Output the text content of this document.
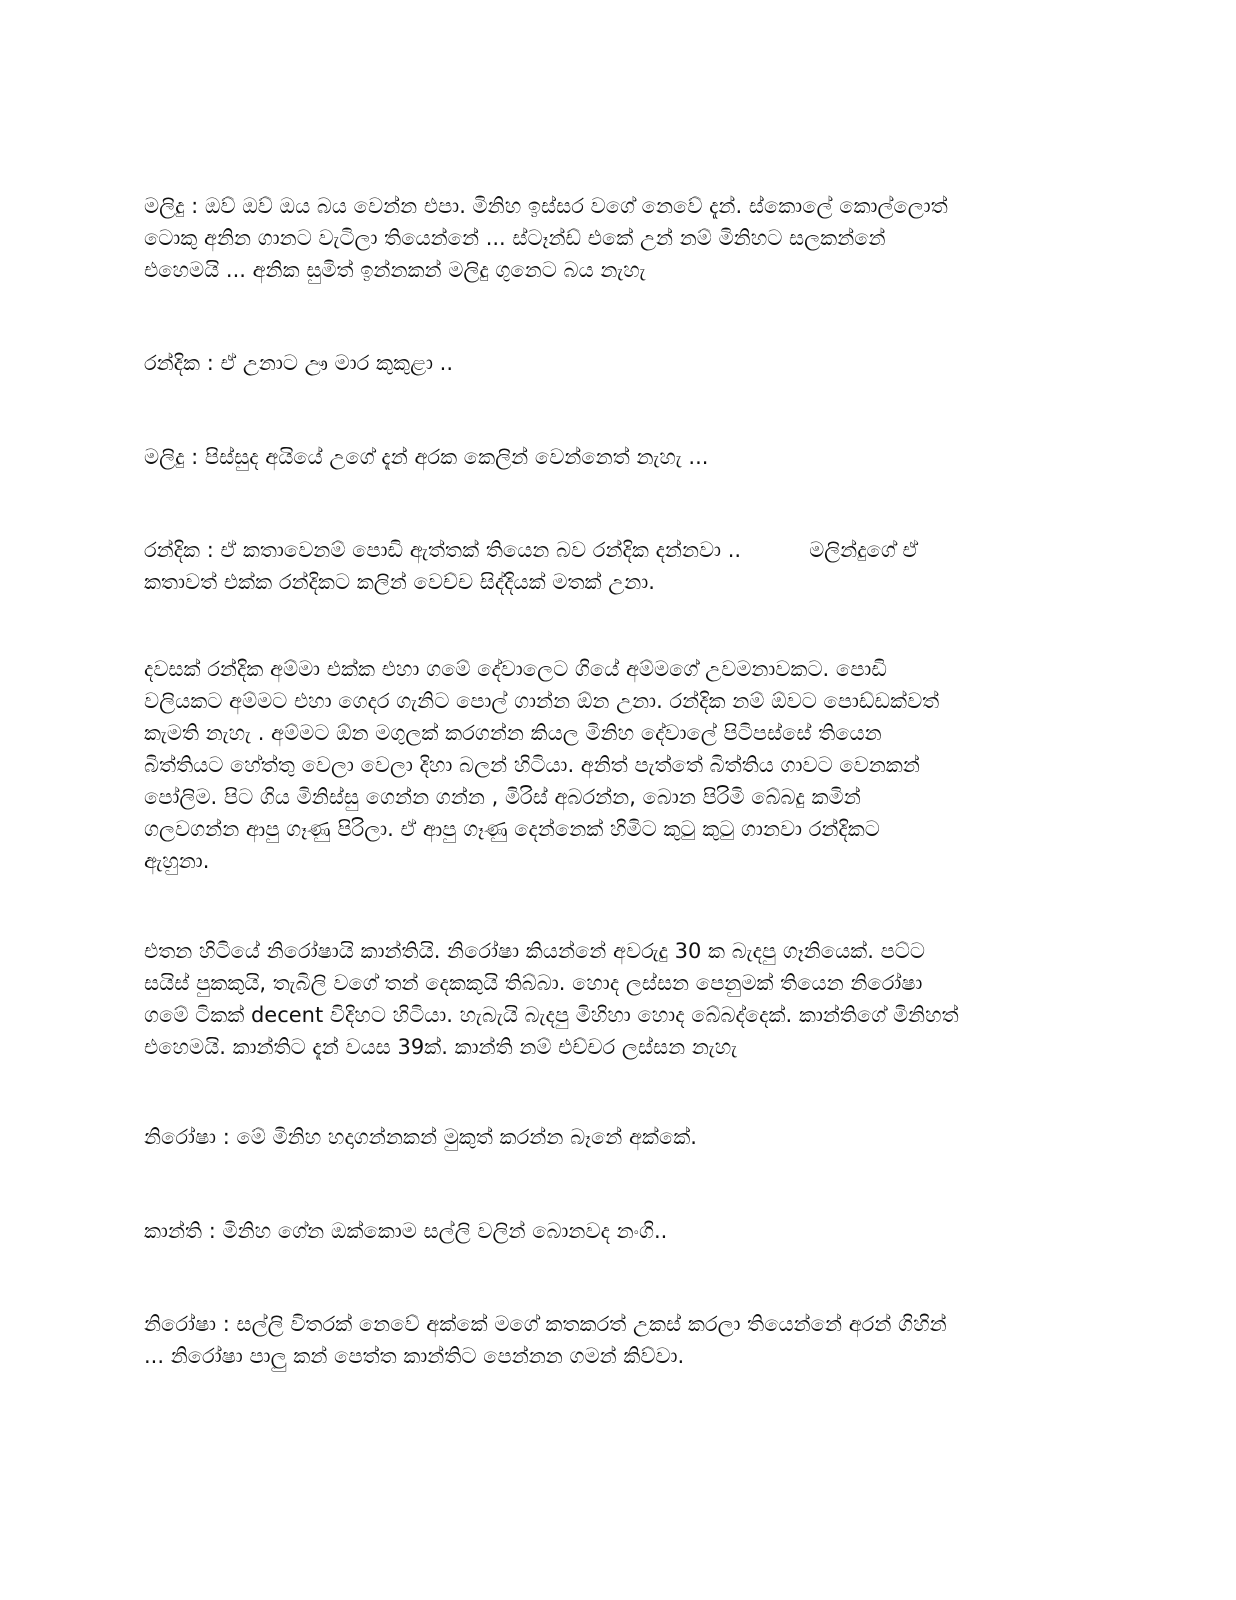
මලිදු : ඔව් ඔව් ඔය බය වෙන්න එපා. මිනිහ ඉස්සර වගේ නෙවේ දැන්. ස්කොලේ කොල්ලොත්
ටොකු අනින ගානට වැටිලා තියෙන්නේ ... ස්ටෑන්ඩ් එකේ උන් නම් මිනිහට සලකන්නේ
එහෙමයි ... අනික සුමිත් ඉන්නකන් මලිදු ගුනෙට බය නැහැ
රන්දික : ඒ උනාට ඌ මාර කුකුළා ..
මලිදු : පිස්සුද අයියේ උගේ දැන් අරක කෙලින් වෙන්නෙත් නැහැ ...
රන්දික : ඒ කතාවෙනම් පොඩි ඇත්තක් තියෙන බව රන්දික දන්නවා ..	මලින්දුගේ ඒ
කතාවත් එක්ක රන්දිකට කලින් වෙච්ච සිද්දියක් මතක් උනා.
දවසක් රන්දික අම්මා එක්ක එහා ගමේ දේවාලෙට ගියේ අම්මගේ උවමනාවකට. පොඩි
වලියකට අම්මට එහා ගෙදර ගැනිට පොල් ගාන්න ඕන උනා. රන්දික නම් ඕවට පොඩ්ඩක්වත්
කැමති නැහැ . අම්මට ඕන මගුලක් කරගන්න කියල මිනිහ දේවාලේ පිටිපස්සේ තියෙන
බිත්තියට හේත්තු වෙලා වෙලා දිහා බලන් හිටියා. අනිත් පැත්තේ බිත්තිය ගාවට වෙනකන්
පෝලිම. පිට ගිය මිනිස්සු ගෙන්න ගන්න , මිරිස් අබරන්න, බොන පිරිමි බේබදු කමින්
ගලවගන්න ආපු ගෑණු පිරිලා. ඒ ආපු ගෑණු දෙන්නෙක් හිමිට කුටු කුටු ගානවා රන්දිකට
ඇහුනා.
එතන හිටියේ නිරෝෂායි කාන්තියි. නිරෝෂා කියන්නේ අවරුදු 30 ක බැදපු ගෑනියෙක්. පට්ට
සයිස් පුකකුයි, තැබිලි වගේ තන් දෙකකුයි තිබ්බා. හොද ලස්සන පෙනුමක් තියෙන නිරෝෂා
ගමේ ටිකක් decent විදිහට හිටියා. හැබැයි බැදපු මිහිහා හොද බේබද්දෙක්. කාන්තිගේ මිනිහත්
එහෙමයි. කාන්තිට දැන් වයස 39ක්. කාන්ති නම් එච්චර ලස්සන නැහැ
නිරෝෂා : මේ මිනිහ හදාගන්නකන් මුකුත් කරන්න බෑනේ අක්කේ.
කාන්ති : මිනිහ ගේන ඔක්කොම සල්ලි වලින් බොනවද නංගි..
නිරෝෂා : සල්ලි විතරක් නෙවේ අක්කේ මගේ කතකරත් උකස් කරලා තියෙන්නේ අරන් ගිහින්
... නිරෝෂා පාලු කන් පෙත්ත කාන්තිට පෙන්නන ගමන් කිව්වා.
